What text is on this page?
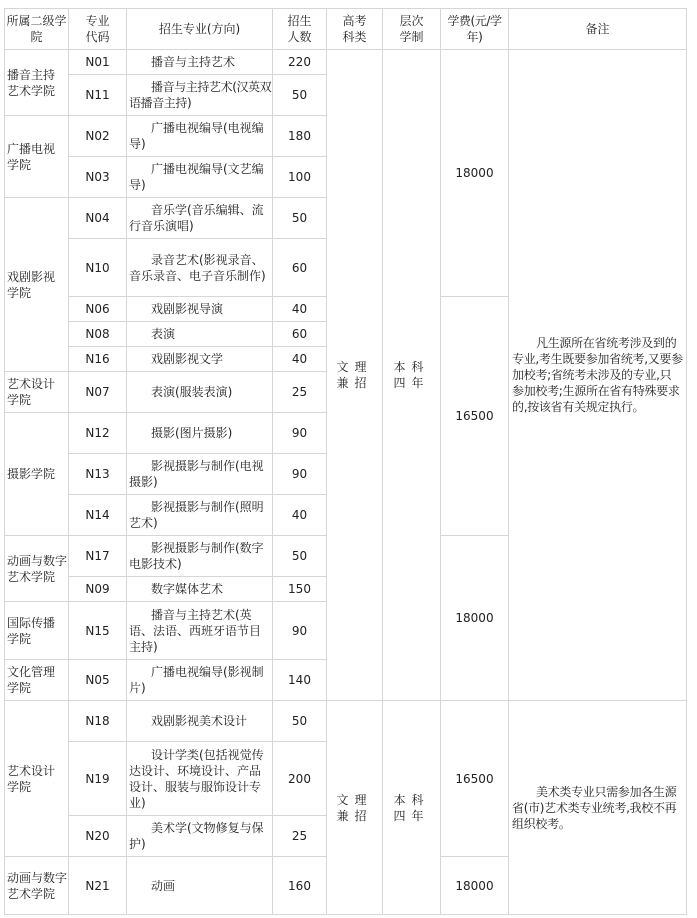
所属二级学院	专业代码	招生专业(方向)	招生人数	高考科类	层次学制	学费(元/学年)	备注
播音主持艺术学院	N01	播音与主持艺术	220	文理兼招	本科四年	18000	凡生源所在省统考涉及到的专业,考生既要参加省统考,又要参加校考;省统考未涉及的专业,只参加校考;生源所在省有特殊要求的,按该省有关规定执行。
	N11	播音与主持艺术(汉英双语播音主持)	50				
广播电视学院	N02	广播电视编导(电视编导)	180				
	N03	广播电视编导(文艺编导)	100				
戏剧影视学院	N04	音乐学(音乐编辑、流行音乐演唱)	50				
	N10	录音艺术(影视录音、音乐录音、电子音乐制作)	60				
	N06	戏剧影视导演	40			16500	
	N08	表演	60				
	N16	戏剧影视文学	40				
艺术设计学院	N07	表演(服装表演)	25				
摄影学院	N12	摄影(图片摄影)	90				
	N13	影视摄影与制作(电视摄影)	90				
	N14	影视摄影与制作(照明艺术)	40				
动画与数字艺术学院	N17	影视摄影与制作(数字电影技术)	50			18000	
	N09	数字媒体艺术	150				
国际传播学院	N15	播音与主持艺术(英语、法语、西班牙语节目主持)	90				
文化管理学院	N05	广播电视编导(影视制片)	140				
艺术设计学院	N18	戏剧影视美术设计	50	文理兼招	本科四年	16500	美术类专业只需参加各生源省(市)艺术类专业统考,我校不再组织校考。
	N19	设计学类(包括视觉传达设计、环境设计、产品设计、服装与服饰设计专业)	200				
	N20	美术学(文物修复与保护)	25				
动画与数字艺术学院	N21	动画	160			18000	
